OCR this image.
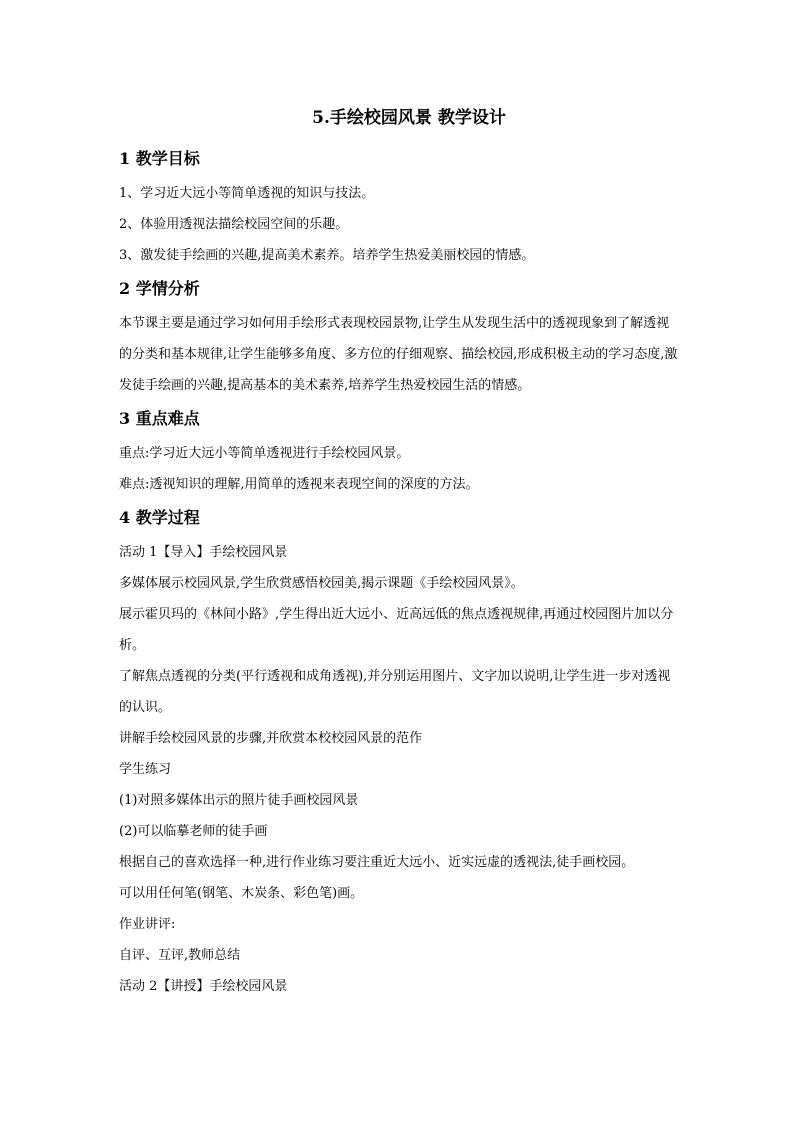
5.手绘校园风景 教学设计
1 教学目标
1、学习近大远小等简单透视的知识与技法。
2、体验用透视法描绘校园空间的乐趣。
3、激发徒手绘画的兴趣,提高美术素养。培养学生热爱美丽校园的情感。
2 学情分析
本节课主要是通过学习如何用手绘形式表现校园景物,让学生从发现生活中的透视现象到了解透视的分类和基本规律,让学生能够多角度、多方位的仔细观察、描绘校园,形成积极主动的学习态度,激发徒手绘画的兴趣,提高基本的美术素养,培养学生热爱校园生活的情感。
3 重点难点
重点:学习近大远小等简单透视进行手绘校园风景。
难点:透视知识的理解,用简单的透视来表现空间的深度的方法。
4 教学过程
活动 1【导入】手绘校园风景
多媒体展示校园风景,学生欣赏感悟校园美,揭示课题《手绘校园风景》。
展示霍贝玛的《林间小路》,学生得出近大远小、近高远低的焦点透视规律,再通过校园图片加以分析。
了解焦点透视的分类(平行透视和成角透视),并分别运用图片、文字加以说明,让学生进一步对透视的认识。
讲解手绘校园风景的步骤,并欣赏本校校园风景的范作
学生练习
(1)对照多媒体出示的照片徒手画校园风景
(2)可以临摹老师的徒手画
根据自己的喜欢选择一种,进行作业练习要注重近大远小、近实远虚的透视法,徒手画校园。
可以用任何笔(钢笔、木炭条、彩色笔)画。
作业讲评:
自评、互评,教师总结
活动 2【讲授】手绘校园风景
